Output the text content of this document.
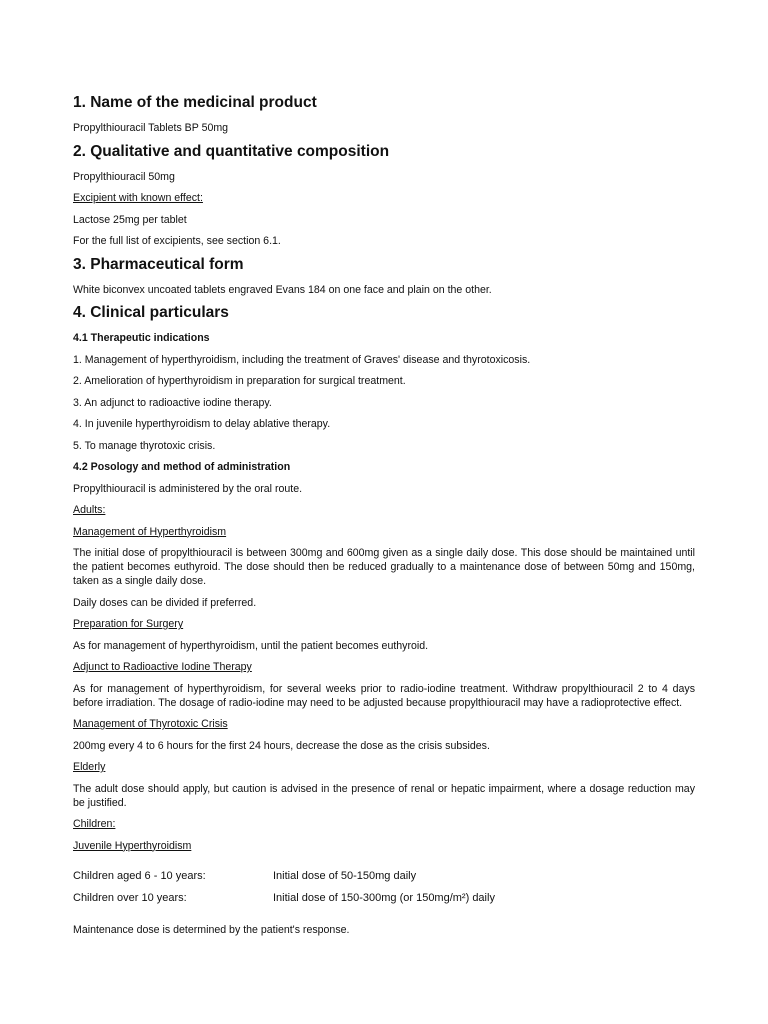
1. Name of the medicinal product
Propylthiouracil Tablets BP 50mg
2. Qualitative and quantitative composition
Propylthiouracil 50mg
Excipient with known effect:
Lactose 25mg per tablet
For the full list of excipients, see section 6.1.
3. Pharmaceutical form
White biconvex uncoated tablets engraved Evans 184 on one face and plain on the other.
4. Clinical particulars
4.1 Therapeutic indications
1. Management of hyperthyroidism, including the treatment of Graves' disease and thyrotoxicosis.
2. Amelioration of hyperthyroidism in preparation for surgical treatment.
3. An adjunct to radioactive iodine therapy.
4. In juvenile hyperthyroidism to delay ablative therapy.
5. To manage thyrotoxic crisis.
4.2 Posology and method of administration
Propylthiouracil is administered by the oral route.
Adults:
Management of Hyperthyroidism
The initial dose of propylthiouracil is between 300mg and 600mg given as a single daily dose. This dose should be maintained until the patient becomes euthyroid. The dose should then be reduced gradually to a maintenance dose of between 50mg and 150mg, taken as a single daily dose.
Daily doses can be divided if preferred.
Preparation for Surgery
As for management of hyperthyroidism, until the patient becomes euthyroid.
Adjunct to Radioactive Iodine Therapy
As for management of hyperthyroidism, for several weeks prior to radio-iodine treatment. Withdraw propylthiouracil 2 to 4 days before irradiation. The dosage of radio-iodine may need to be adjusted because propylthiouracil may have a radioprotective effect.
Management of Thyrotoxic Crisis
200mg every 4 to 6 hours for the first 24 hours, decrease the dose as the crisis subsides.
Elderly
The adult dose should apply, but caution is advised in the presence of renal or hepatic impairment, where a dosage reduction may be justified.
Children:
Juvenile Hyperthyroidism
Children aged 6 - 10 years:	Initial dose of 50-150mg daily
Children over 10 years:	Initial dose of 150-300mg (or 150mg/m²) daily
Maintenance dose is determined by the patient's response.
